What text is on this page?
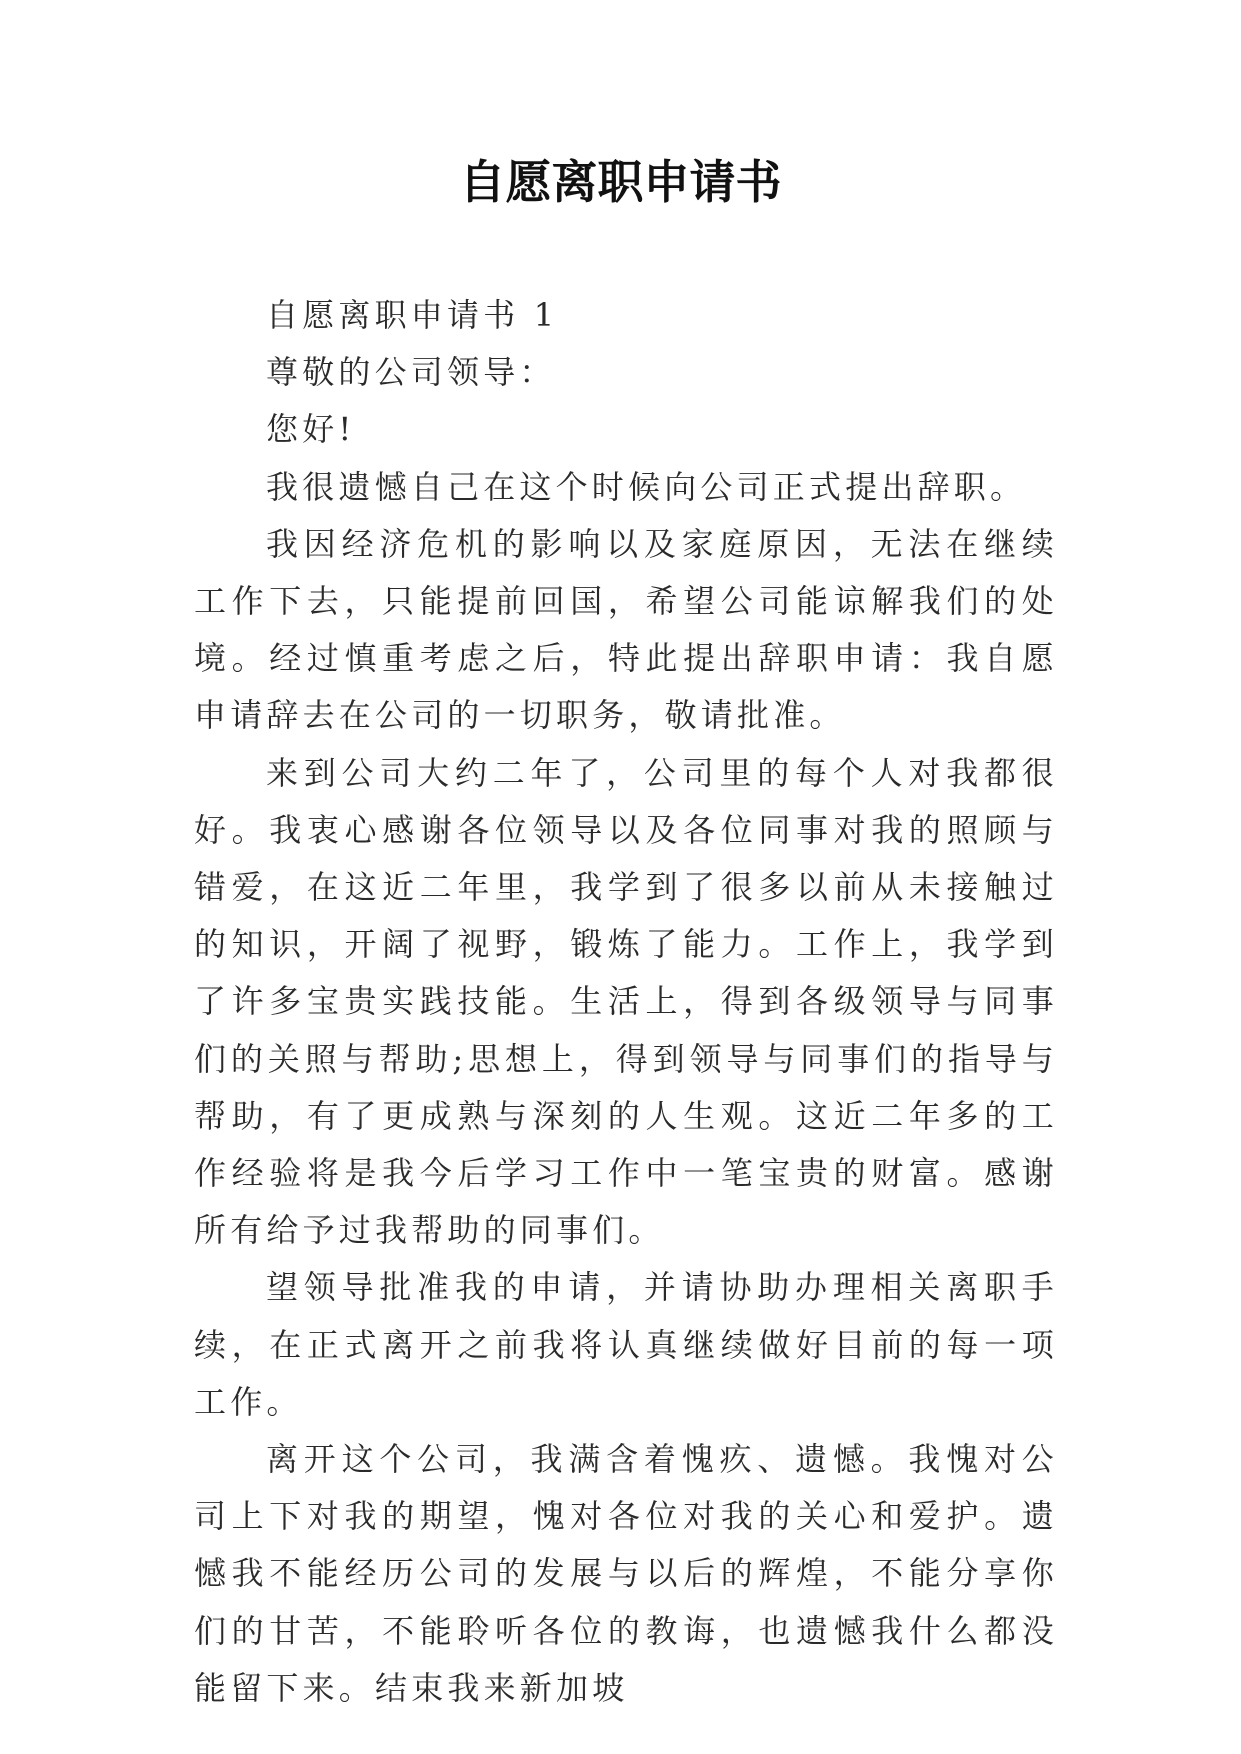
自愿离职申请书

自愿离职申请书 1

尊敬的公司领导：

您好!

我很遗憾自己在这个时候向公司正式提出辞职。

我因经济危机的影响以及家庭原因，无法在继续工作下去，只能提前回国，希望公司能谅解我们的处境。经过慎重考虑之后，特此提出辞职申请：我自愿申请辞去在公司的一切职务，敬请批准。

来到公司大约二年了，公司里的每个人对我都很好。我衷心感谢各位领导以及各位同事对我的照顾与错爱，在这近二年里，我学到了很多以前从未接触过的知识，开阔了视野，锻炼了能力。工作上，我学到了许多宝贵实践技能。生活上，得到各级领导与同事们的关照与帮助;思想上，得到领导与同事们的指导与帮助，有了更成熟与深刻的人生观。这近二年多的工作经验将是我今后学习工作中一笔宝贵的财富。感谢所有给予过我帮助的同事们。

望领导批准我的申请，并请协助办理相关离职手续，在正式离开之前我将认真继续做好目前的每一项工作。

离开这个公司，我满含着愧疚、遗憾。我愧对公司上下对我的期望，愧对各位对我的关心和爱护。遗憾我不能经历公司的发展与以后的辉煌，不能分享你们的甘苦，不能聆听各位的教诲，也遗憾我什么都没能留下来。结束我来新加坡
